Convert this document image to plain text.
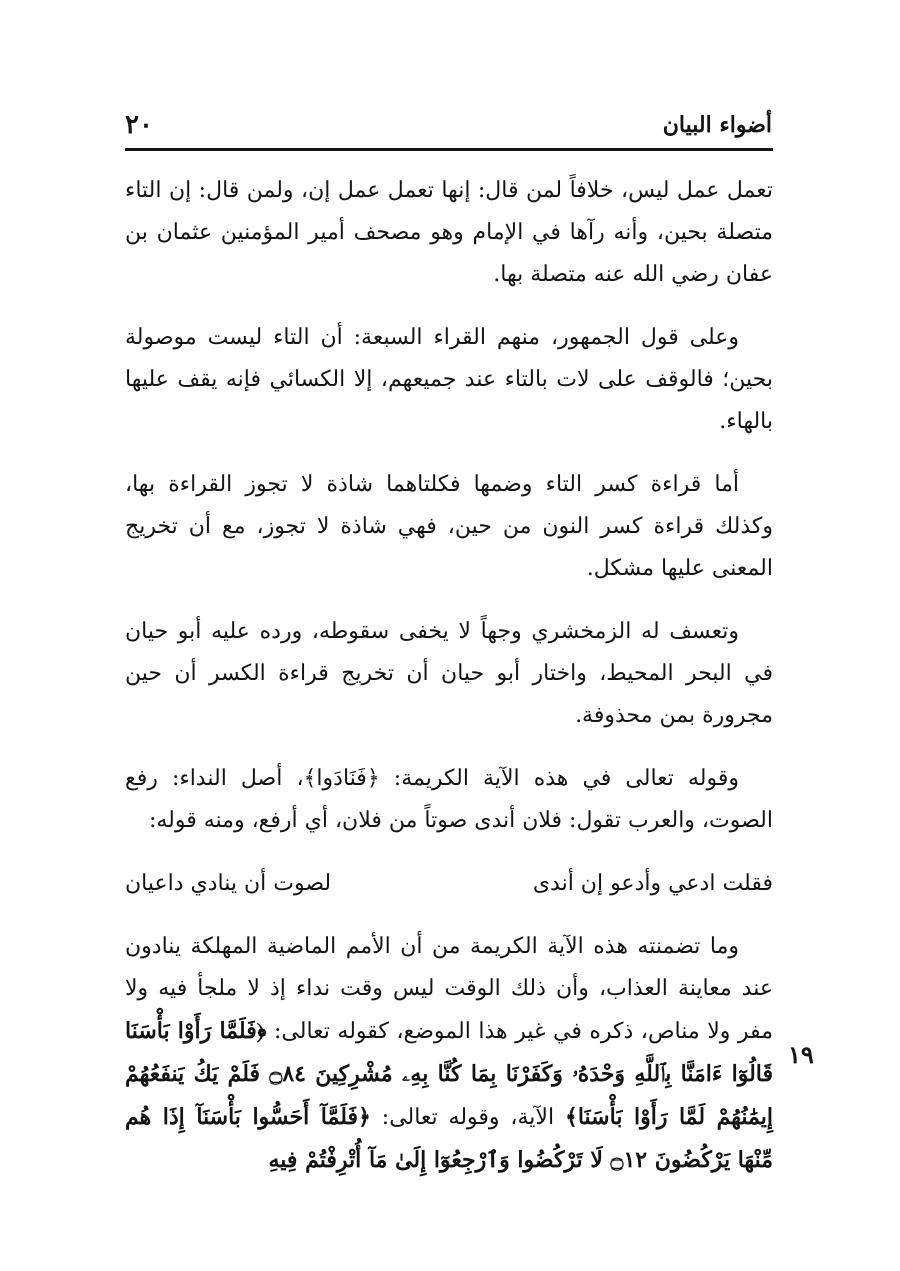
أضواء البيان
٢٠

تعمل عمل ليس، خلافاً لمن قال: إنها تعمل عمل إن، ولمن قال: إن التاء متصلة بحين، وأنه رآها في الإمام وهو مصحف أمير المؤمنين عثمان بن عفان رضي الله عنه متصلة بها.

وعلى قول الجمهور، منهم القراء السبعة: أن التاء ليست موصولة بحين؛ فالوقف على لات بالتاء عند جميعهم، إلا الكسائي فإنه يقف عليها بالهاء.

أما قراءة كسر التاء وضمها فكلتاهما شاذة لا تجوز القراءة بها، وكذلك قراءة كسر النون من حين، فهي شاذة لا تجوز، مع أن تخريج المعنى عليها مشكل.

وتعسف له الزمخشري وجهاً لا يخفى سقوطه، ورده عليه أبو حيان في البحر المحيط، واختار أبو حيان أن تخريج قراءة الكسر أن حين مجرورة بمن محذوفة.

وقوله تعالى في هذه الآية الكريمة: ﴿فَنَادَوا﴾، أصل النداء: رفع الصوت، والعرب تقول: فلان أندى صوتاً من فلان، أي أرفع، ومنه قوله:

فقلت ادعي وأدعو إن أندى
لصوت أن ينادي داعيان

وما تضمنته هذه الآية الكريمة من أن الأمم الماضية المهلكة ينادون عند معاينة العذاب، وأن ذلك الوقت ليس وقت نداء إذ لا ملجأ فيه ولا مفر ولا مناص، ذكره في غير هذا الموضع، كقوله تعالى: ﴿فَلَمَّا رَأَوْا بَأْسَنَا قَالُوٓا ءَامَنَّا بِٱللَّهِ وَحْدَهُۥ وَكَفَرْنَا بِمَا كُنَّا بِهِۦ مُشْرِكِينَ ۝٨٤ فَلَمْ يَكُ يَنفَعُهُمْ إِيمَٰنُهُمْ لَمَّا رَأَوْا بَأْسَنَا﴾ الآية، وقوله تعالى: ﴿فَلَمَّآ أَحَسُّوا بَأْسَنَآ إِذَا هُم مِّنْهَا يَرْكُضُونَ ۝١٢ لَا تَرْكُضُوا وَٱرْجِعُوٓا إِلَىٰ مَآ أُتْرِفْتُمْ فِيهِ

١٩
